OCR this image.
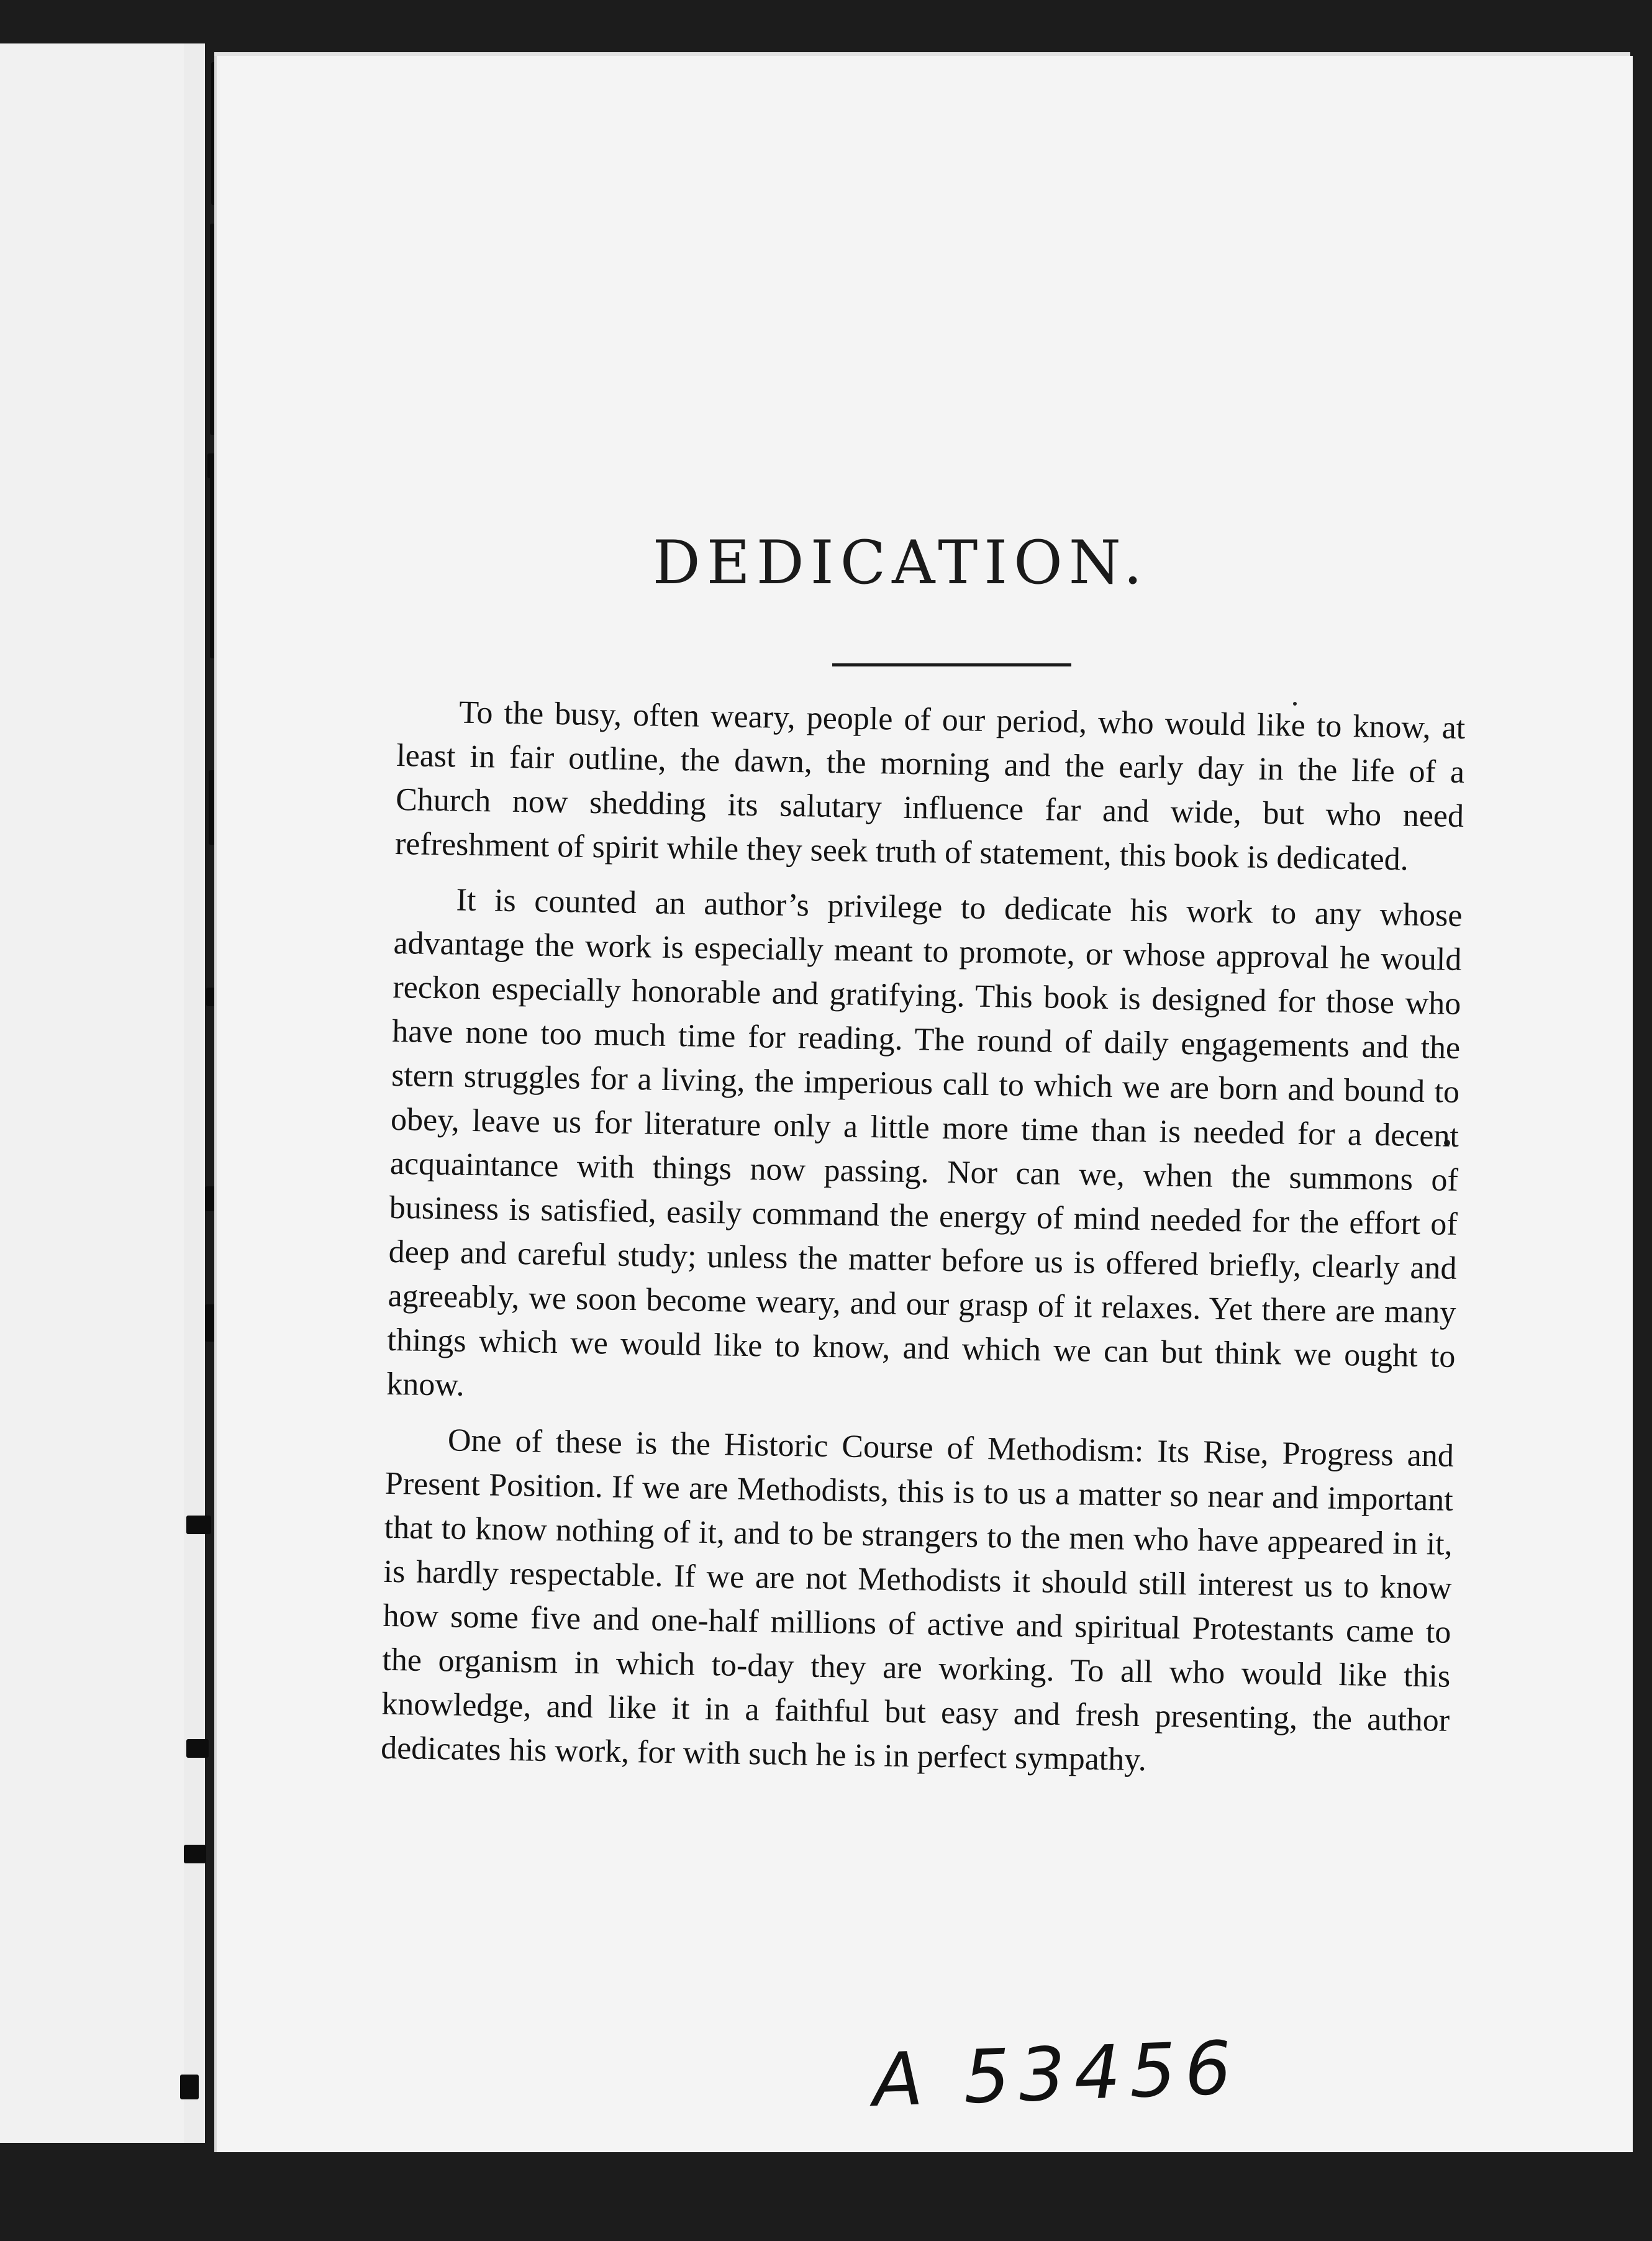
DEDICATION.

To the busy, often weary, people of our period, who would like to know, at least in fair outline, the dawn, the morning and the early day in the life of a Church now shedding its salutary influence far and wide, but who need refreshment of spirit while they seek truth of statement, this book is dedicated.

It is counted an author’s privilege to dedicate his work to any whose advantage the work is especially meant to promote, or whose approval he would reckon especially honorable and gratifying. This book is designed for those who have none too much time for reading. The round of daily engagements and the stern struggles for a living, the imperious call to which we are born and bound to obey, leave us for literature only a little more time than is needed for a decent acquaintance with things now passing. Nor can we, when the summons of business is satisfied, easily command the energy of mind needed for the effort of deep and careful study; unless the matter before us is offered briefly, clearly and agreeably, we soon become weary, and our grasp of it relaxes. Yet there are many things which we would like to know, and which we can but think we ought to know.

One of these is the Historic Course of Methodism: Its Rise, Progress and Present Position. If we are Methodists, this is to us a matter so near and important that to know nothing of it, and to be strangers to the men who have appeared in it, is hardly respectable. If we are not Methodists it should still interest us to know how some five and one-half millions of active and spiritual Protestants came to the organism in which to-day they are working. To all who would like this knowledge, and like it in a faithful but easy and fresh presenting, the author dedicates his work, for with such he is in perfect sympathy.

A 53456
